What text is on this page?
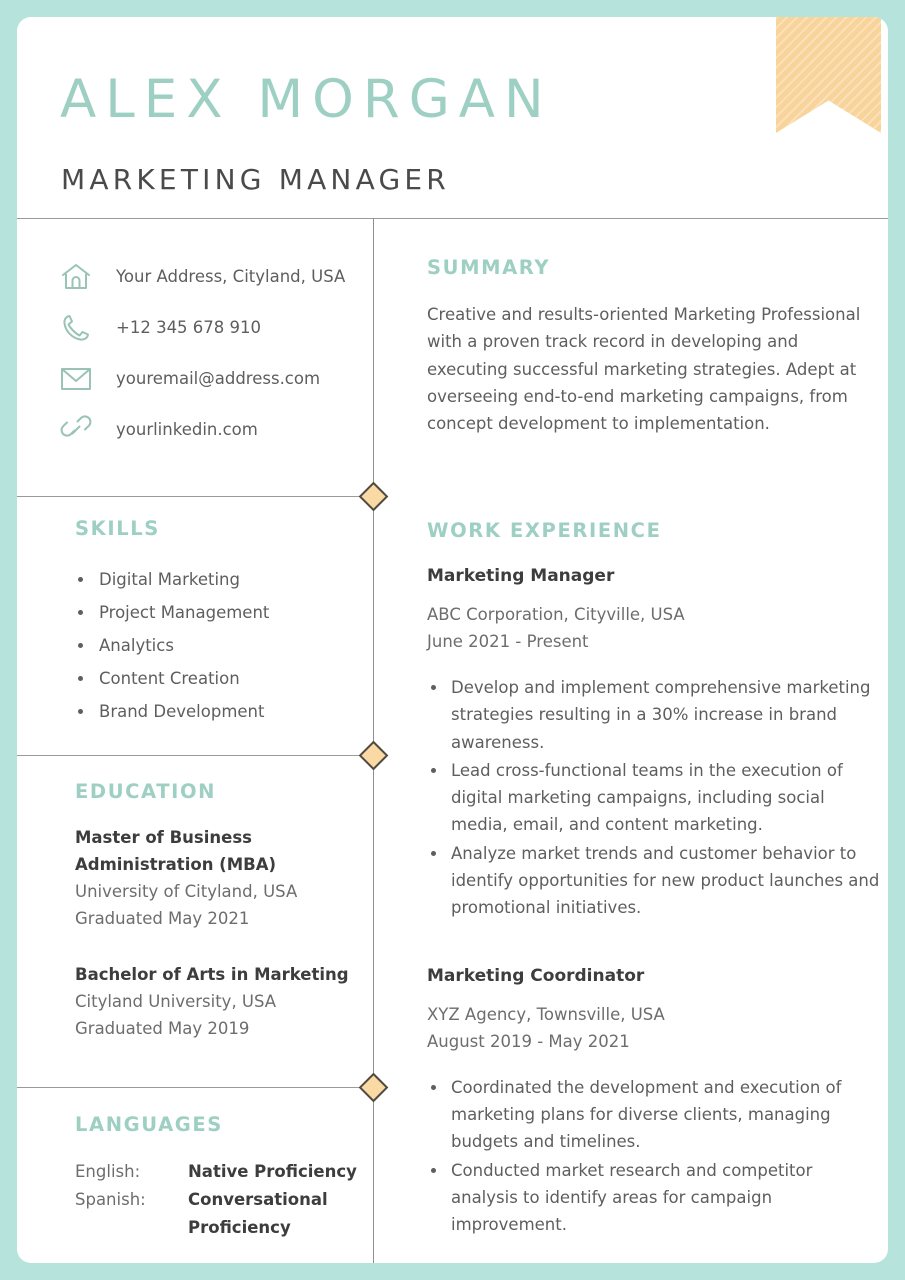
ALEX MORGAN
MARKETING MANAGER
Your Address, Cityland, USA
+12 345 678 910
youremail@address.com
yourlinkedin.com
SKILLS
Digital Marketing
Project Management
Analytics
Content Creation
Brand Development
EDUCATION
Master of Business Administration (MBA)
University of Cityland, USA
Graduated May 2021
Bachelor of Arts in Marketing
Cityland University, USA
Graduated May 2019
LANGUAGES
English:	Native Proficiency
Spanish:	Conversational Proficiency
SUMMARY
Creative and results-oriented Marketing Professional with a proven track record in developing and executing successful marketing strategies. Adept at overseeing end-to-end marketing campaigns, from concept development to implementation.
WORK EXPERIENCE
Marketing Manager
ABC Corporation, Cityville, USA
June 2021 - Present
Develop and implement comprehensive marketing strategies resulting in a 30% increase in brand awareness.
Lead cross-functional teams in the execution of digital marketing campaigns, including social media, email, and content marketing.
Analyze market trends and customer behavior to identify opportunities for new product launches and promotional initiatives.
Marketing Coordinator
XYZ Agency, Townsville, USA
August 2019 - May 2021
Coordinated the development and execution of marketing plans for diverse clients, managing budgets and timelines.
Conducted market research and competitor analysis to identify areas for campaign improvement.
